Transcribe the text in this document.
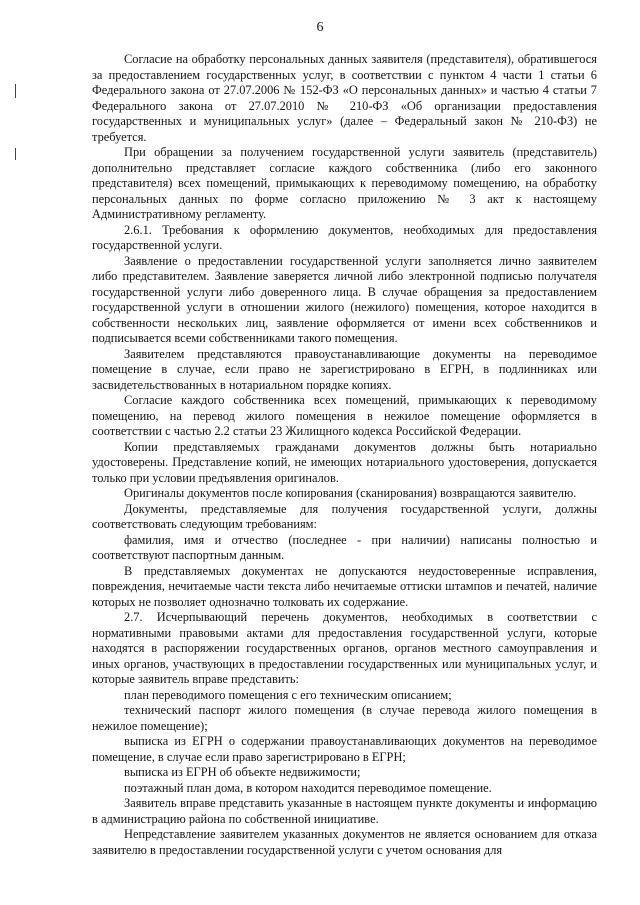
6

Согласие на обработку персональных данных заявителя (представителя), обратившегося за предоставлением государственных услуг, в соответствии с пунктом 4 части 1 статьи 6 Федерального закона от 27.07.2006 № 152-ФЗ «О персональных данных» и частью 4 статьи 7 Федерального закона от 27.07.2010 № 210-ФЗ «Об организации предоставления государственных и муниципальных услуг» (далее – Федеральный закон № 210-ФЗ) не требуется.

При обращении за получением государственной услуги заявитель (представитель) дополнительно представляет согласие каждого собственника (либо его законного представителя) всех помещений, примыкающих к переводимому помещению, на обработку персональных данных по форме согласно приложению № 3 акт к настоящему Административному регламенту.

2.6.1. Требования к оформлению документов, необходимых для предоставления государственной услуги.

Заявление о предоставлении государственной услуги заполняется лично заявителем либо представителем. Заявление заверяется личной либо электронной подписью получателя государственной услуги либо доверенного лица. В случае обращения за предоставлением государственной услуги в отношении жилого (нежилого) помещения, которое находится в собственности нескольких лиц, заявление оформляется от имени всех собственников и подписывается всеми собственниками такого помещения.

Заявителем представляются правоустанавливающие документы на переводимое помещение в случае, если право не зарегистрировано в ЕГРН, в подлинниках или засвидетельствованных в нотариальном порядке копиях.

Согласие каждого собственника всех помещений, примыкающих к переводимому помещению, на перевод жилого помещения в нежилое помещение оформляется в соответствии с частью 2.2 статьи 23 Жилищного кодекса Российской Федерации.

Копии представляемых гражданами документов должны быть нотариально удостоверены. Представление копий, не имеющих нотариального удостоверения, допускается только при условии предъявления оригиналов.

Оригиналы документов после копирования (сканирования) возвращаются заявителю.

Документы, представляемые для получения государственной услуги, должны соответствовать следующим требованиям:

фамилия, имя и отчество (последнее - при наличии) написаны полностью и соответствуют паспортным данным.

В представляемых документах не допускаются неудостоверенные исправления, повреждения, нечитаемые части текста либо нечитаемые оттиски штампов и печатей, наличие которых не позволяет однозначно толковать их содержание.

2.7. Исчерпывающий перечень документов, необходимых в соответствии с нормативными правовыми актами для предоставления государственной услуги, которые находятся в распоряжении государственных органов, органов местного самоуправления и иных органов, участвующих в предоставлении государственных или муниципальных услуг, и которые заявитель вправе представить:

план переводимого помещения с его техническим описанием;

технический паспорт жилого помещения (в случае перевода жилого помещения в нежилое помещение);

выписка из ЕГРН о содержании правоустанавливающих документов на переводимое помещение, в случае если право зарегистрировано в ЕГРН;

выписка из ЕГРН об объекте недвижимости;

поэтажный план дома, в котором находится переводимое помещение.

Заявитель вправе представить указанные в настоящем пункте документы и информацию в администрацию района по собственной инициативе.

Непредставление заявителем указанных документов не является основанием для отказа заявителю в предоставлении государственной услуги с учетом основания для
